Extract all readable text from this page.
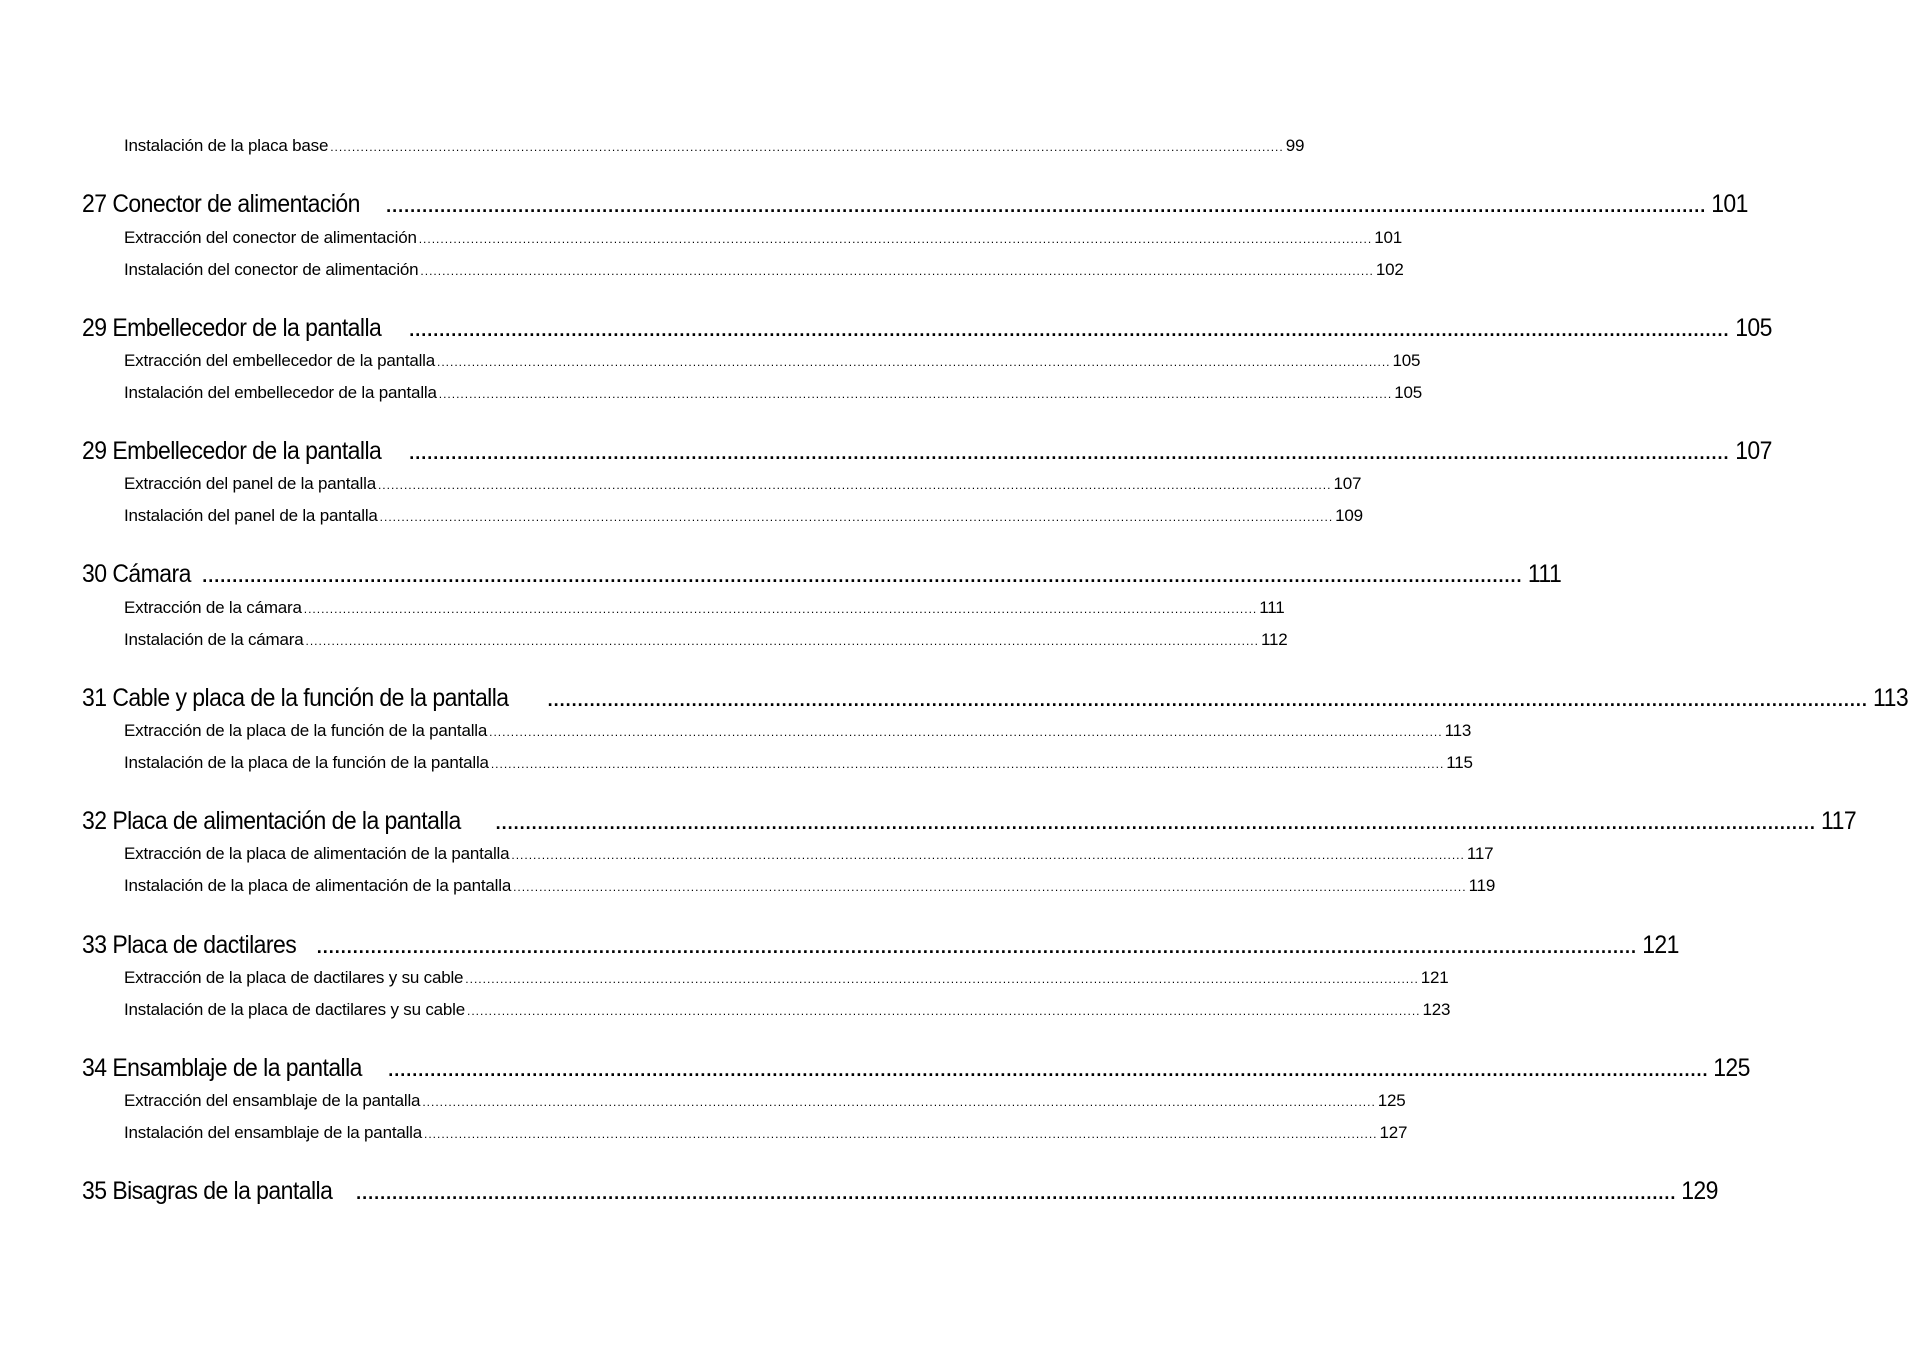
Instalación de la placa base ............................................................................................................................................................................................................................ 99
27 Conector de alimentación ............................................................................................................................................................................................................................ 101
Extracción del conector de alimentación ............................................................................................................................................................................................................................ 101
Instalación del conector de alimentación ............................................................................................................................................................................................................................ 102
29 Embellecedor de la pantalla ............................................................................................................................................................................................................................ 105
Extracción del embellecedor de la pantalla ............................................................................................................................................................................................................................ 105
Instalación del embellecedor de la pantalla ............................................................................................................................................................................................................................ 105
29 Embellecedor de la pantalla ............................................................................................................................................................................................................................ 107
Extracción del panel de la pantalla ............................................................................................................................................................................................................................ 107
Instalación del panel de la pantalla ............................................................................................................................................................................................................................ 109
30 Cámara ............................................................................................................................................................................................................................ 111
Extracción de la cámara ............................................................................................................................................................................................................................ 111
Instalación de la cámara ............................................................................................................................................................................................................................ 112
31 Cable y placa de la función de la pantalla ............................................................................................................................................................................................................................ 113
Extracción de la placa de la función de la pantalla ............................................................................................................................................................................................................................ 113
Instalación de la placa de la función de la pantalla ............................................................................................................................................................................................................................ 115
32 Placa de alimentación de la pantalla ............................................................................................................................................................................................................................ 117
Extracción de la placa de alimentación de la pantalla ............................................................................................................................................................................................................................ 117
Instalación de la placa de alimentación de la pantalla ............................................................................................................................................................................................................................ 119
33 Placa de dactilares ............................................................................................................................................................................................................................ 121
Extracción de la placa de dactilares y su cable ............................................................................................................................................................................................................................ 121
Instalación de la placa de dactilares y su cable ............................................................................................................................................................................................................................ 123
34 Ensamblaje de la pantalla ............................................................................................................................................................................................................................ 125
Extracción del ensamblaje de la pantalla ............................................................................................................................................................................................................................ 125
Instalación del ensamblaje de la pantalla ............................................................................................................................................................................................................................ 127
35 Bisagras de la pantalla ............................................................................................................................................................................................................................ 129
